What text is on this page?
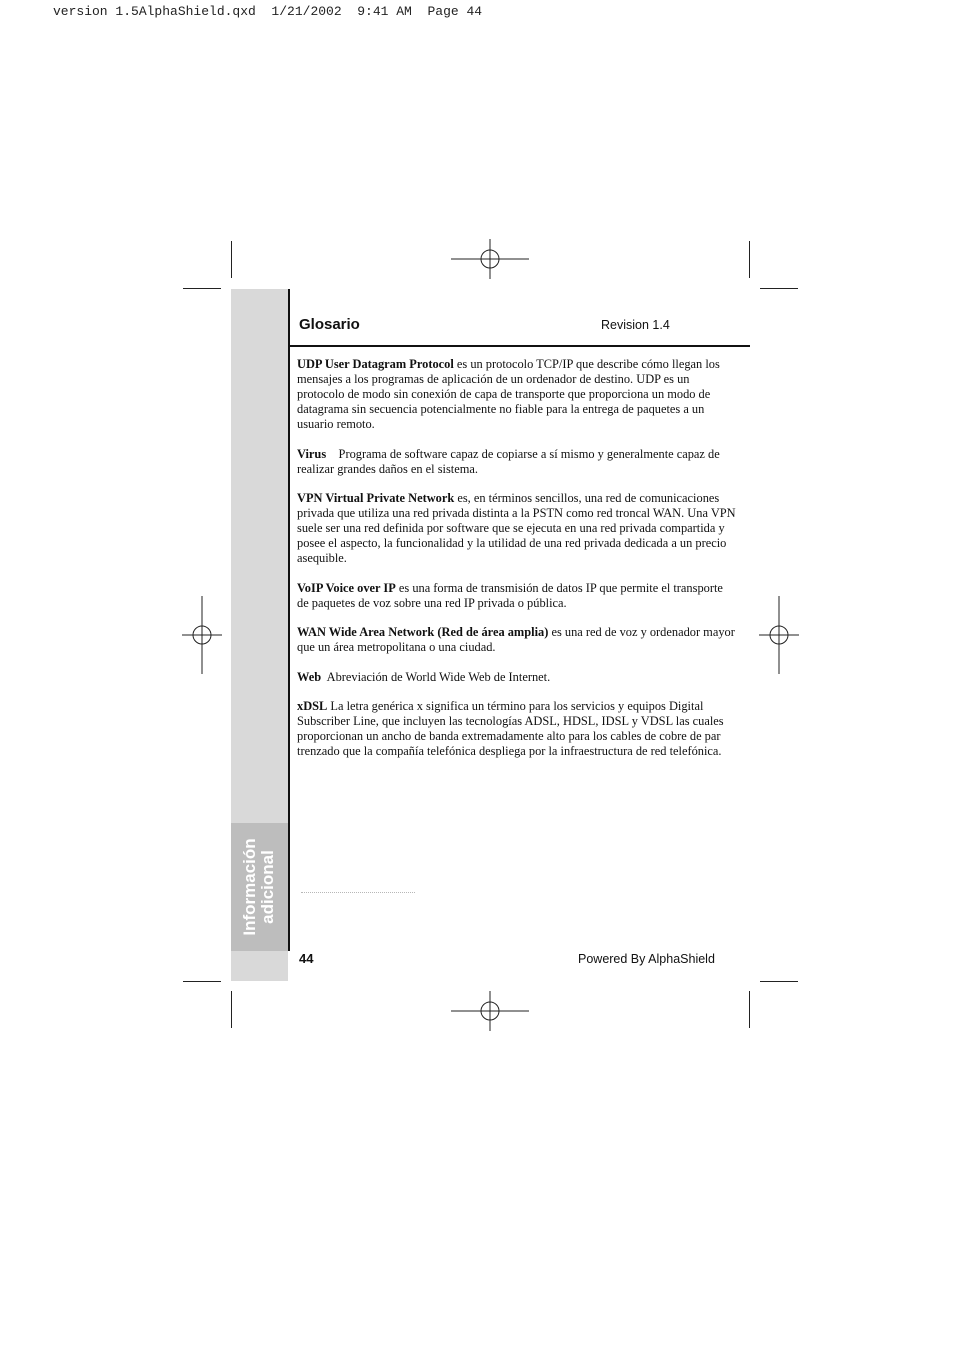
version 1.5AlphaShield.qxd  1/21/2002  9:41 AM  Page 44
Información adicional
Glosario	Revision 1.4

UDP User Datagram Protocol es un protocolo TCP/IP que describe cómo llegan los mensajes a los programas de aplicación de un ordenador de destino. UDP es un protocolo de modo sin conexión de capa de transporte que proporciona un modo de datagrama sin secuencia potencialmente no fiable para la entrega de paquetes a un usuario remoto.

Virus    Programa de software capaz de copiarse a sí mismo y generalmente capaz de realizar grandes daños en el sistema.

VPN Virtual Private Network es, en términos sencillos, una red de comunicaciones privada que utiliza una red privada distinta a la PSTN como red troncal WAN. Una VPN suele ser una red definida por software que se ejecuta en una red privada compartida y posee el aspecto, la funcionalidad y la utilidad de una red privada dedicada a un precio asequible.

VoIP Voice over IP es una forma de transmisión de datos IP que permite el transporte de paquetes de voz sobre una red IP privada o pública.

WAN Wide Area Network (Red de área amplia) es una red de voz y ordenador mayor que un área metropolitana o una ciudad.

Web  Abreviación de World Wide Web de Internet.

xDSL La letra genérica x significa un término para los servicios y equipos Digital Subscriber Line, que incluyen las tecnologías ADSL, HDSL, IDSL y VDSL las cuales proporcionan un ancho de banda extremadamente alto para los cables de cobre de par trenzado que la compañía telefónica despliega por la infraestructura de red telefónica.

44	Powered By AlphaShield
